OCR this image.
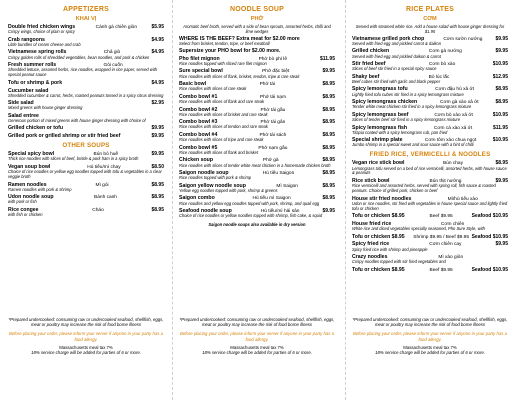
APPETIZERS
KHAI VỊ
Double fried chicken wings	Cánh gà chiên giòn	$5.95
Crispy wings, choice of plain or spicy
Crab rangoons	$4.95
Little bundles of cream cheese and crab
Vietnamese spring rolls	Chả giò	$4.95
Crispy golden rolls of shredded vegetables, bean noodles, and pork & chicken
Fresh summer rolls	Gỏi cuốn
Shredded lettuce, assorted herbs, rice noodles, wrapped in rice paper, served with special peanut sauce
Tofu or shrimp & pork	$4.95
Cucumber salad
Shredded cucumber & carrot, herbs, roasted peanuts tossed in a spicy citrus dressing
Side salad	$2.95
Mixed greens with house ginger dressing
Salad entree
Generous portion of mixed greens with house ginger dressing with choice of
Grilled chicken or tofu	$9.95
Grilled pork or grilled shrimp or stir fried beef	$9.95
OTHER SOUPS
Special spicy bowl	Bún bò huế	$9.95
Thick rice noodles with slices of beef, bristle & pork ham in a spicy broth
Vegan soup bowl	Hủ tiếu/mì chay	$8.50
Choice of rice noodles or yellow egg noodles topped with tofu & vegetables in a clear veggie broth
Ramen noodles	Mì gói	$8.95
Ramen noodles with pork & shrimp
Udon noodle soup	Bánh canh	$8.95
with pork or fish
Rice congee	Cháo	$8.95
with fish or chicken
*Prepared undercooked: consuming raw or undercooked seafood, shellfish, eggs, meat or poultry may increase the risk of food borne illness
Before placing your order, please inform your server if anyone in your party has a food allergy.
Massachusetts meal tax 7%
18% service charge will be added for parties of 6 or more.
NOODLE SOUP
PHỞ
Aromatic beef broth, served with a side of bean sprouts, assorted herbs, chilli and lime wedges
WHERE IS THE BEEF? Extra meat for $2.00 more
Select from brisket, tendon, tripe, or beef meatball
Supersize your PHO bowl for $2.00 more.
Pho filet mignon	Phở bò phi lê	$11.95
Rice noodles topped with sliced rare filet mignon
Sure special bowl	Phở đặc biệt	$9.95
Rice noodles with slices of flank, brisket, tendon, tripe & rare steak
Basic bowl	Phở tái	$8.95
Rice noodles with slices of rare steak
Combo bowl #1	Phở tái nạm	$8.95
Rice noodles with slices of flank and rare steak
Combo bowl #2	Phở tái gầu	$8.95
Rice noodles with slices of brisket and rare steak
Combo bowl #3	Phở tái gân	$8.95
Rice noodles with slices of tendon and rare steak
Combo bowl #4	Phở tái sách	$8.95
Rice noodles with slices of tripe and rare steak
Combo bowl #5	Phở nạm gầu	$8.95
Rice noodles with slices of flank and brisket
Chicken soup	Phở gà	$8.95
Rice noodles with slices of tender white meat chicken in a homemade chicken broth
Saigon noodle soup	Hủ tiếu Saigon	$8.95
Rice noodles topped with pork & shrimp
Saigon yellow noodle soup	Mì Saigon	$8.95
Yellow egg noodles topped with pork, shrimp & greens
Saigon combo	Hủ tiếu mì Saigon	$8.95
Rice noodles and yellow egg noodles topped with pork, shrimp, and quail egg
Seafood noodle soup	Hủ tiếu/mì hải sản	$9.95
Choice of rice noodles or yellow noodles topped with shrimp, fish cake, & squid
Saigon noodle soups also available in dry version
*Prepared undercooked: consuming raw or undercooked seafood, shellfish, eggs, meat or poultry may increase the risk of food borne illness
Before placing your order, please inform your server if anyone in your party has a food allergy.
Massachusetts meal tax 7%
18% service charge will be added for parties of 6 or more.
RICE PLATES
CƠM
Served with steamed white rice. Add a house salad with house ginger dressing for $1.95
Vietnamese grilled pork chop	Cơm sườn nướng	$9.95
Served with fried egg and pickled carrot & daikon
Grilled chicken	Cơm gà nướng	$9.95
Served with fried egg and pickled daikon & carrot
Stir fried beef	Cơm bò xào	$10.95
Slices of beef stir fried in a special spicy sauce
Shaky beef	Bò lúc lắc	$12.95
Beef cubes stir fried with garlic and black pepper
Spicy lemongrass tofu	Cơm đậu hủ xả ớt	$8.95
Lightly fried tofu cubes stir fried in a spicy lemongrass mixture
Spicy lemongrass chicken	Cơm gà xào xả ớt	$8.95
Tender white meat chicken stir fried in a spicy lemongrass mixture
Spicy lemongrass beef	Cơm bò xào xả ớt	$10.95
Slices of tender beef stir fried in a spicy lemongrass mixture
Spicy lemongrass fish	Cơm cá xào xả ớt	$11.95
Tilapia coated with a spicy lemongrass rub, pan fried
Special shrimp plate	Cơm tôm xào chua ngọt	$10.95
Jumbo shrimp in a special sweet and sour sauce with a hint of chilli
FRIED RICE, VERMICELLI & NOODLES
Vegan rice stick bowl	Bún chay	$8.95
Lemongrass tofu served on a bed of rice vermicelli, assorted herbs, with house sauce & peanuts
Rice stick bowl	Bún thịt nướng	$9.95
Rice vermicelli and assorted herbs, served with spring roll, fish sauce & roasted peanuts. Choice of grilled pork, chicken or beef
House stir fried noodles	Mì/hủ tiếu xào
Udon or rice noodles, stir fried with vegetables in house special sauce and lightly fried tofu or chicken
Tofu or chicken $8.95	Beef $9.95	Seafood $10.95
House fried rice	Cơm chiên
White rice and diced vegetables specially seasoned, Pho Sure Style, with
Tofu or chicken $8.95 Shrimp $9.95 / Beef $9.95 Seafood $10.95
Spicy fried rice	Cơm chiên cay	$9.95
Spicy fried rice with shrimp and pineapple
Crazy noodles	Mì xào giòn
Crispy noodles topped with stir fried vegetables and
Tofu or chicken $8.95	Beef $9.95	Seafood $10.95
*Prepared undercooked: consuming raw or undercooked seafood, shellfish, eggs, meat or poultry may increase the risk of food borne illness
Before placing your order, please inform your server if anyone in your party has a food allergy.
Massachusetts meal tax 7%
18% service charge will be added for parties of 6 or more.
